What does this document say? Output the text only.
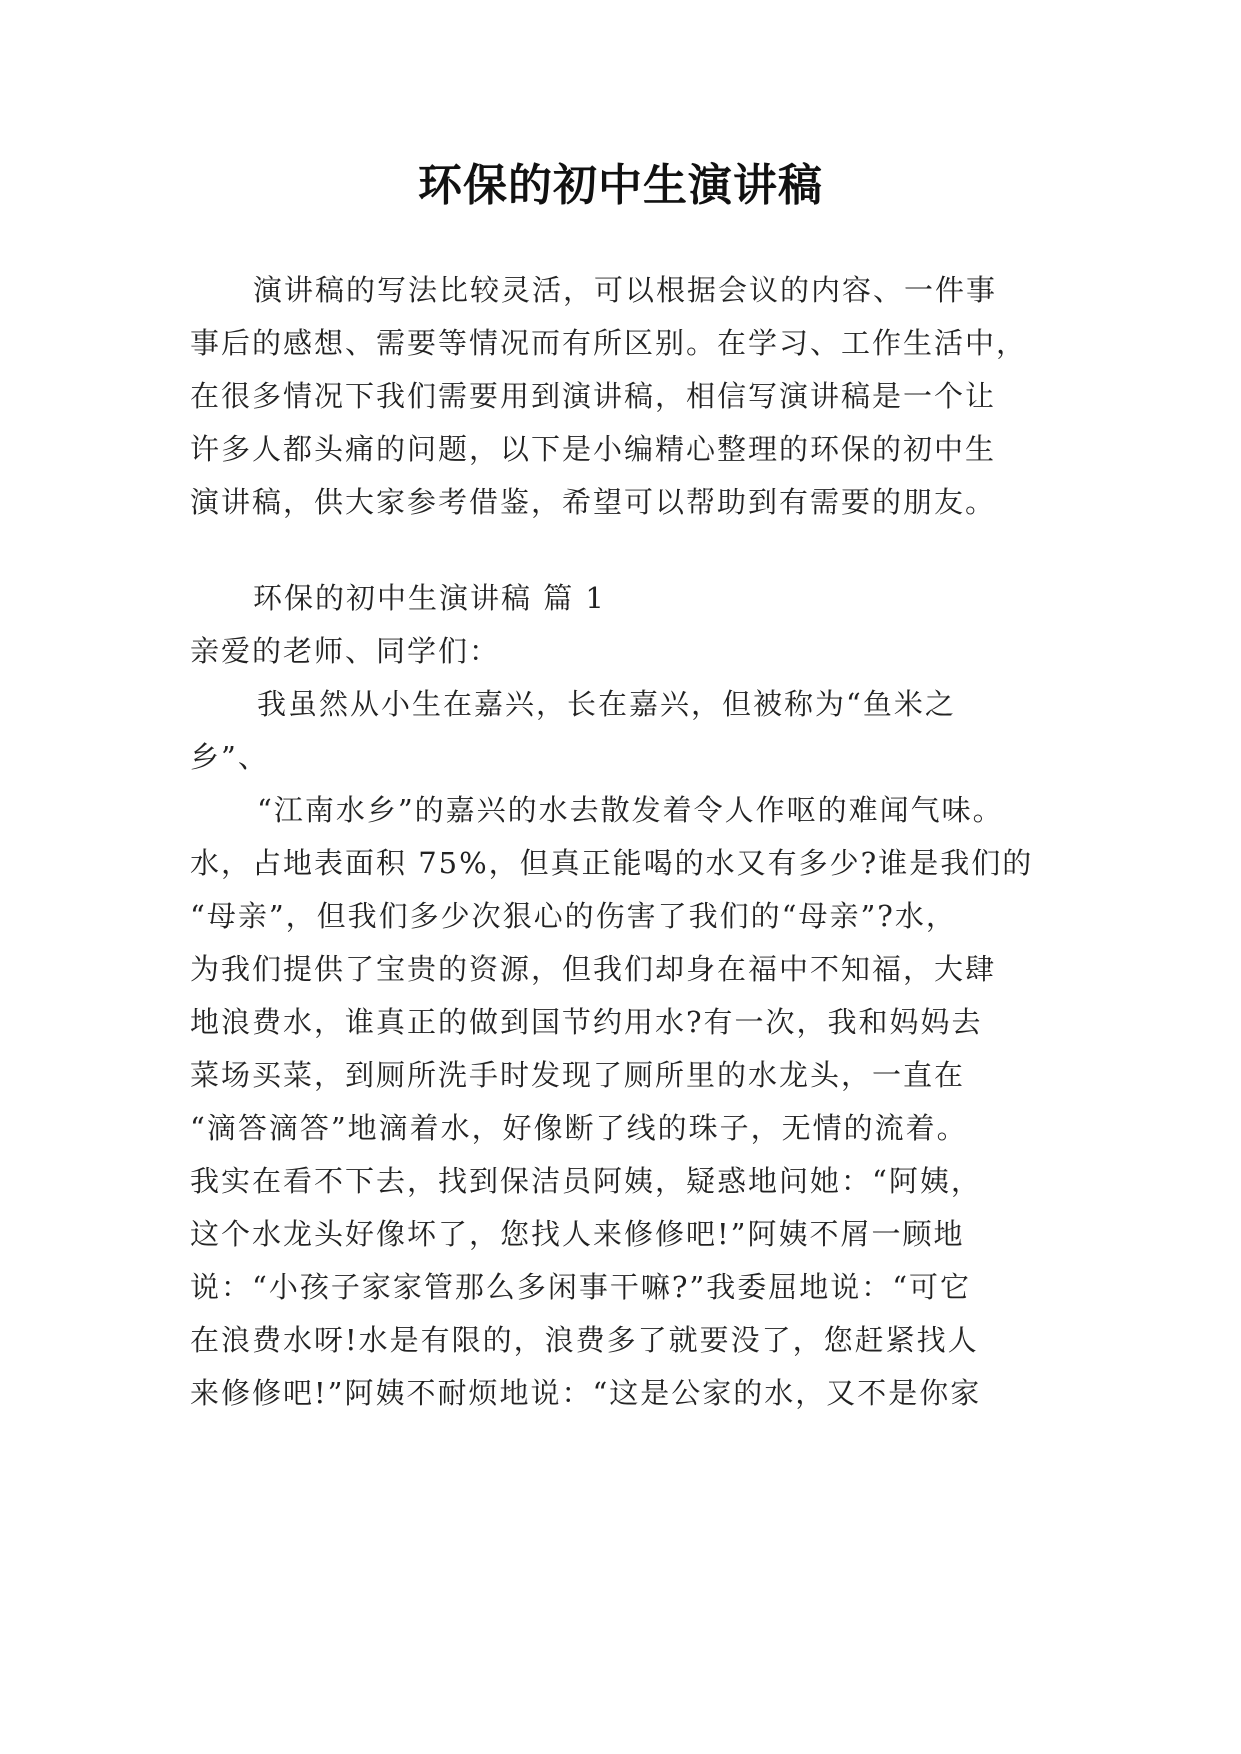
环保的初中生演讲稿
演讲稿的写法比较灵活，可以根据会议的内容、一件事
事后的感想、需要等情况而有所区别。在学习、工作生活中，
在很多情况下我们需要用到演讲稿，相信写演讲稿是一个让
许多人都头痛的问题，以下是小编精心整理的环保的初中生
演讲稿，供大家参考借鉴，希望可以帮助到有需要的朋友。
环保的初中生演讲稿 篇 1
亲爱的老师、同学们：
我虽然从小生在嘉兴，长在嘉兴，但被称为“鱼米之
乡”、
“江南水乡”的嘉兴的水去散发着令人作呕的难闻气味。
水，占地表面积 75%，但真正能喝的水又有多少?谁是我们的
“母亲”，但我们多少次狠心的伤害了我们的“母亲”?水，
为我们提供了宝贵的资源，但我们却身在福中不知福，大肆
地浪费水，谁真正的做到国节约用水?有一次，我和妈妈去
菜场买菜，到厕所洗手时发现了厕所里的水龙头，一直在
“滴答滴答”地滴着水，好像断了线的珠子，无情的流着。
我实在看不下去，找到保洁员阿姨，疑惑地问她：“阿姨，
这个水龙头好像坏了，您找人来修修吧!”阿姨不屑一顾地
说：“小孩子家家管那么多闲事干嘛?”我委屈地说：“可它
在浪费水呀!水是有限的，浪费多了就要没了，您赶紧找人
来修修吧!”阿姨不耐烦地说：“这是公家的水，又不是你家
